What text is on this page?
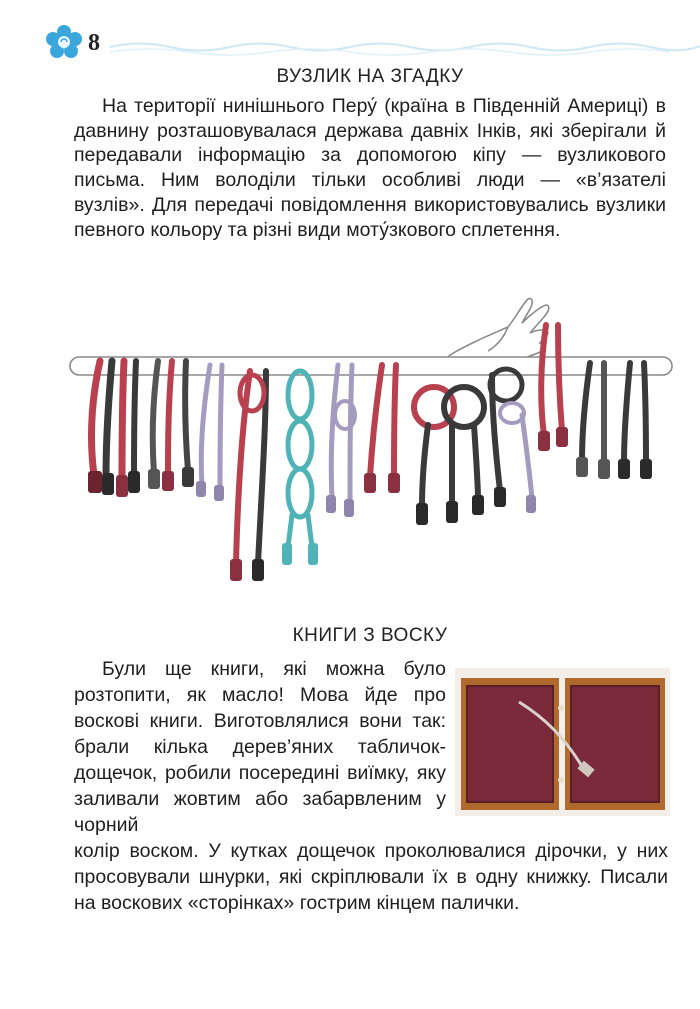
8
ВУЗЛИК НА ЗГАДКУ

На території нинішнього Перу́ (країна в Південній Америці) в давнину розташовувалася держава давніх Інків, які зберігали й передавали інформацію за допомогою кіпу — вузликового письма. Ним володіли тільки особливі люди — «в’язателі вузлів». Для передачі повідомлення використовувались вузлики певного кольору та різні види моту́зкового сплетення.

КНИГИ З ВОСКУ

Були ще книги, які можна було розтопити, як масло! Мова йде про воскові книги. Виготовлялися вони так: брали кілька дерев’яних табличок-дощечок, робили посередині виїмку, яку заливали жовтим або забарвленим у чорний

колір воском. У кутках дощечок проколювалися дірочки, у них просовували шнурки, які скріплювали їх в одну книжку. Писали на воскових «сторінках» гострим кінцем палички.
